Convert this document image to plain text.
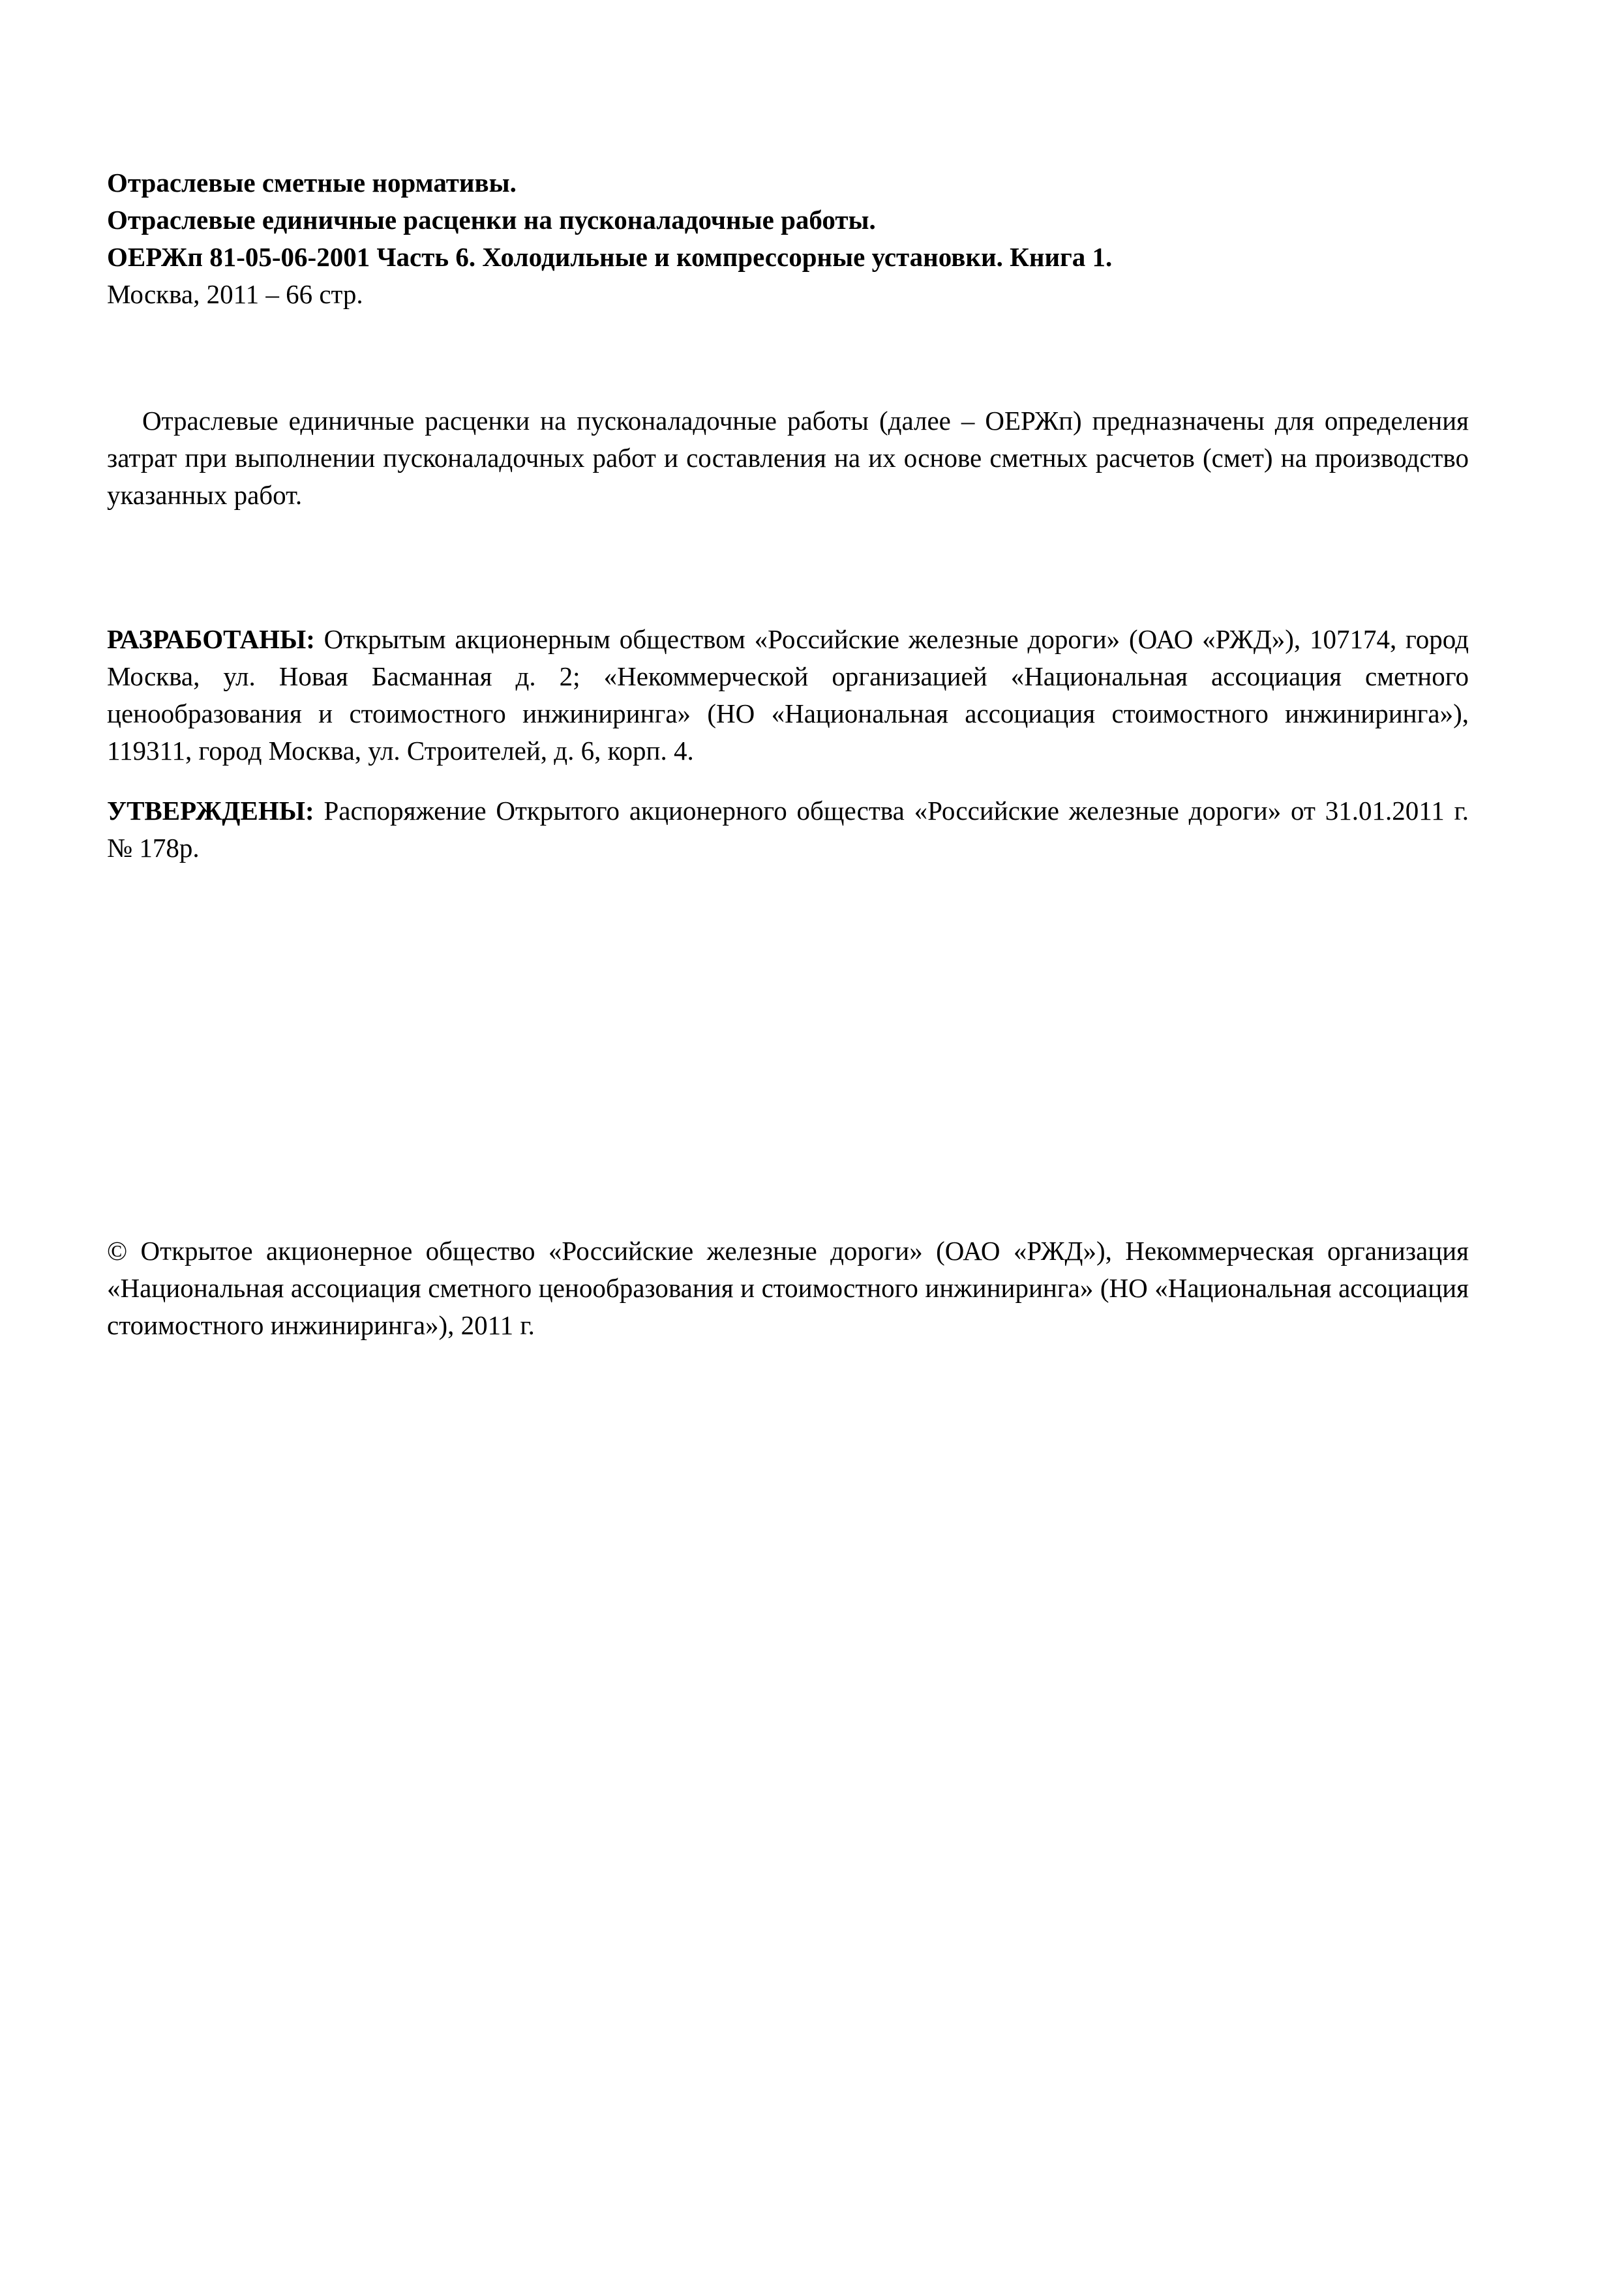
Отраслевые сметные нормативы.
Отраслевые единичные расценки на пусконаладочные работы.
ОЕРЖп 81-05-06-2001 Часть 6. Холодильные и компрессорные установки. Книга 1.
Москва, 2011 – 66 стр.

Отраслевые единичные расценки на пусконаладочные работы (далее – ОЕРЖп) предназначены для определения затрат при выполнении пусконаладочных работ и составления на их основе сметных расчетов (смет) на производство указанных работ.

РАЗРАБОТАНЫ: Открытым акционерным обществом «Российские железные дороги» (ОАО «РЖД»), 107174, город Москва, ул. Новая Басманная д. 2; «Некоммерческой организацией «Национальная ассоциация сметного ценообразования и стоимостного инжиниринга» (НО «Национальная ассоциация стоимостного инжиниринга»), 119311, город Москва, ул. Строителей, д. 6, корп. 4.

УТВЕРЖДЕНЫ: Распоряжение Открытого акционерного общества «Российские железные дороги» от 31.01.2011 г. № 178р.

© Открытое акционерное общество «Российские железные дороги» (ОАО «РЖД»), Некоммерческая организация «Национальная ассоциация сметного ценообразования и стоимостного инжиниринга» (НО «Национальная ассоциация стоимостного инжиниринга»), 2011 г.
